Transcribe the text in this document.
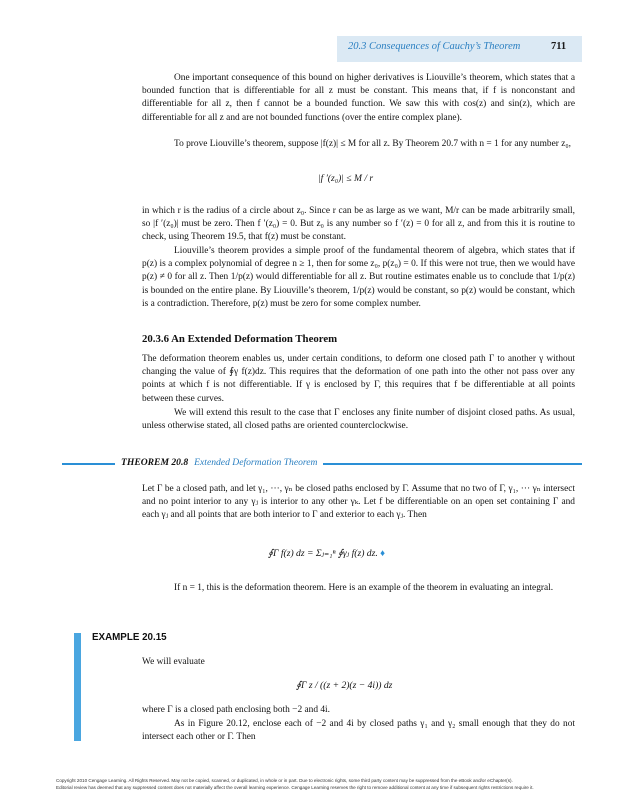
20.3 Consequences of Cauchy’s Theorem	711
One important consequence of this bound on higher derivatives is Liouville’s theorem, which states that a bounded function that is differentiable for all z must be constant. This means that, if f is nonconstant and differentiable for all z, then f cannot be a bounded function. We saw this with cos(z) and sin(z), which are differentiable for all z and are not bounded functions (over the entire complex plane).
To prove Liouville’s theorem, suppose |f(z)| ≤ M for all z. By Theorem 20.7 with n = 1 for any number z₀,
|f ′(z₀)| ≤ M / r
in which r is the radius of a circle about z₀. Since r can be as large as we want, M/r can be made arbitrarily small, so |f ′(z₀)| must be zero. Then f ′(z₀) = 0. But z₀ is any number so f ′(z) = 0 for all z, and from this it is routine to check, using Theorem 19.5, that f(z) must be constant.
Liouville’s theorem provides a simple proof of the fundamental theorem of algebra, which states that if p(z) is a complex polynomial of degree n ≥ 1, then for some z₀, p(z₀) = 0. If this were not true, then we would have p(z) ≠ 0 for all z. Then 1/p(z) would differentiable for all z. But routine estimates enable us to conclude that 1/p(z) is bounded on the entire plane. By Liouville’s theorem, 1/p(z) would be constant, so p(z) would be constant, which is a contradiction. Therefore, p(z) must be zero for some complex number.
20.3.6 An Extended Deformation Theorem
The deformation theorem enables us, under certain conditions, to deform one closed path Γ to another γ without changing the value of ∮γ f(z)dz. This requires that the deformation of one path into the other not pass over any points at which f is not differentiable. If γ is enclosed by Γ, this requires that f be differentiable at all points between these curves.
We will extend this result to the case that Γ encloses any finite number of disjoint closed paths. As usual, unless otherwise stated, all closed paths are oriented counterclockwise.
THEOREM 20.8 Extended Deformation Theorem
Let Γ be a closed path, and let γ₁, ···, γₙ be closed paths enclosed by Γ. Assume that no two of Γ, γ₁, ··· γₙ intersect and no point interior to any γⱼ is interior to any other γₖ. Let f be differentiable on an open set containing Γ and each γⱼ and all points that are both interior to Γ and exterior to each γⱼ. Then
∮Γ f(z) dz = Σⱼ₌₁ⁿ ∮γⱼ f(z) dz. ♦
If n = 1, this is the deformation theorem. Here is an example of the theorem in evaluating an integral.
EXAMPLE 20.15
We will evaluate
∮Γ z / ((z + 2)(z − 4i)) dz
where Γ is a closed path enclosing both −2 and 4i.
As in Figure 20.12, enclose each of −2 and 4i by closed paths γ₁ and γ₂ small enough that they do not intersect each other or Γ. Then
Copyright 2010 Cengage Learning. All Rights Reserved. May not be copied, scanned, or duplicated, in whole or in part. Due to electronic rights, some third party content may be suppressed from the eBook and/or eChapter(s).
Editorial review has deemed that any suppressed content does not materially affect the overall learning experience. Cengage Learning reserves the right to remove additional content at any time if subsequent rights restrictions require it.
